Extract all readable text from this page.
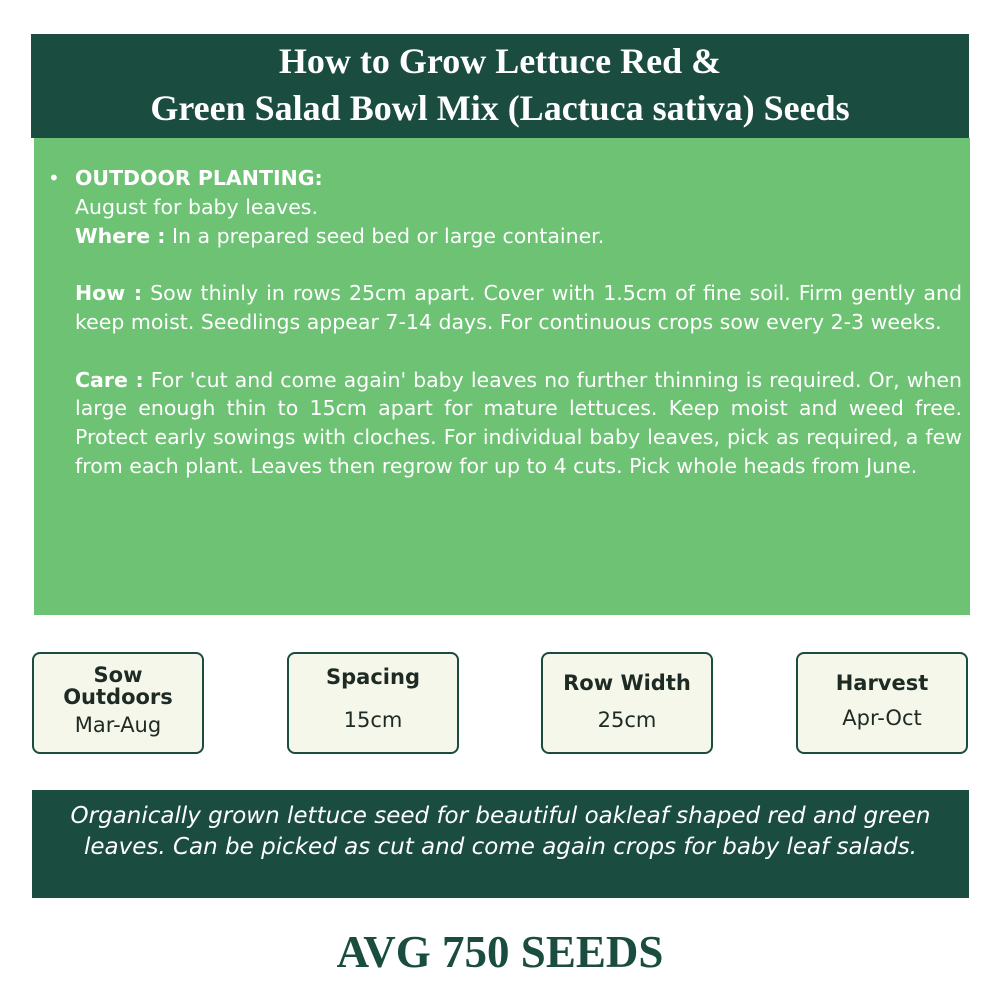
How to Grow Lettuce Red &
Green Salad Bowl Mix (Lactuca sativa) Seeds
• OUTDOOR PLANTING:
August for baby leaves.
Where : In a prepared seed bed or large container.
How : Sow thinly in rows 25cm apart. Cover with 1.5cm of fine soil. Firm gently and keep moist. Seedlings appear 7-14 days. For continuous crops sow every 2-3 weeks.
Care : For 'cut and come again' baby leaves no further thinning is required. Or, when large enough thin to 15cm apart for mature lettuces. Keep moist and weed free. Protect early sowings with cloches. For individual baby leaves, pick as required, a few from each plant. Leaves then regrow for up to 4 cuts. Pick whole heads from June.
Sow
Outdoors
Mar-Aug
Spacing
15cm
Row Width
25cm
Harvest
Apr-Oct
Organically grown lettuce seed for beautiful oakleaf shaped red and green leaves. Can be picked as cut and come again crops for baby leaf salads.
AVG 750 SEEDS
